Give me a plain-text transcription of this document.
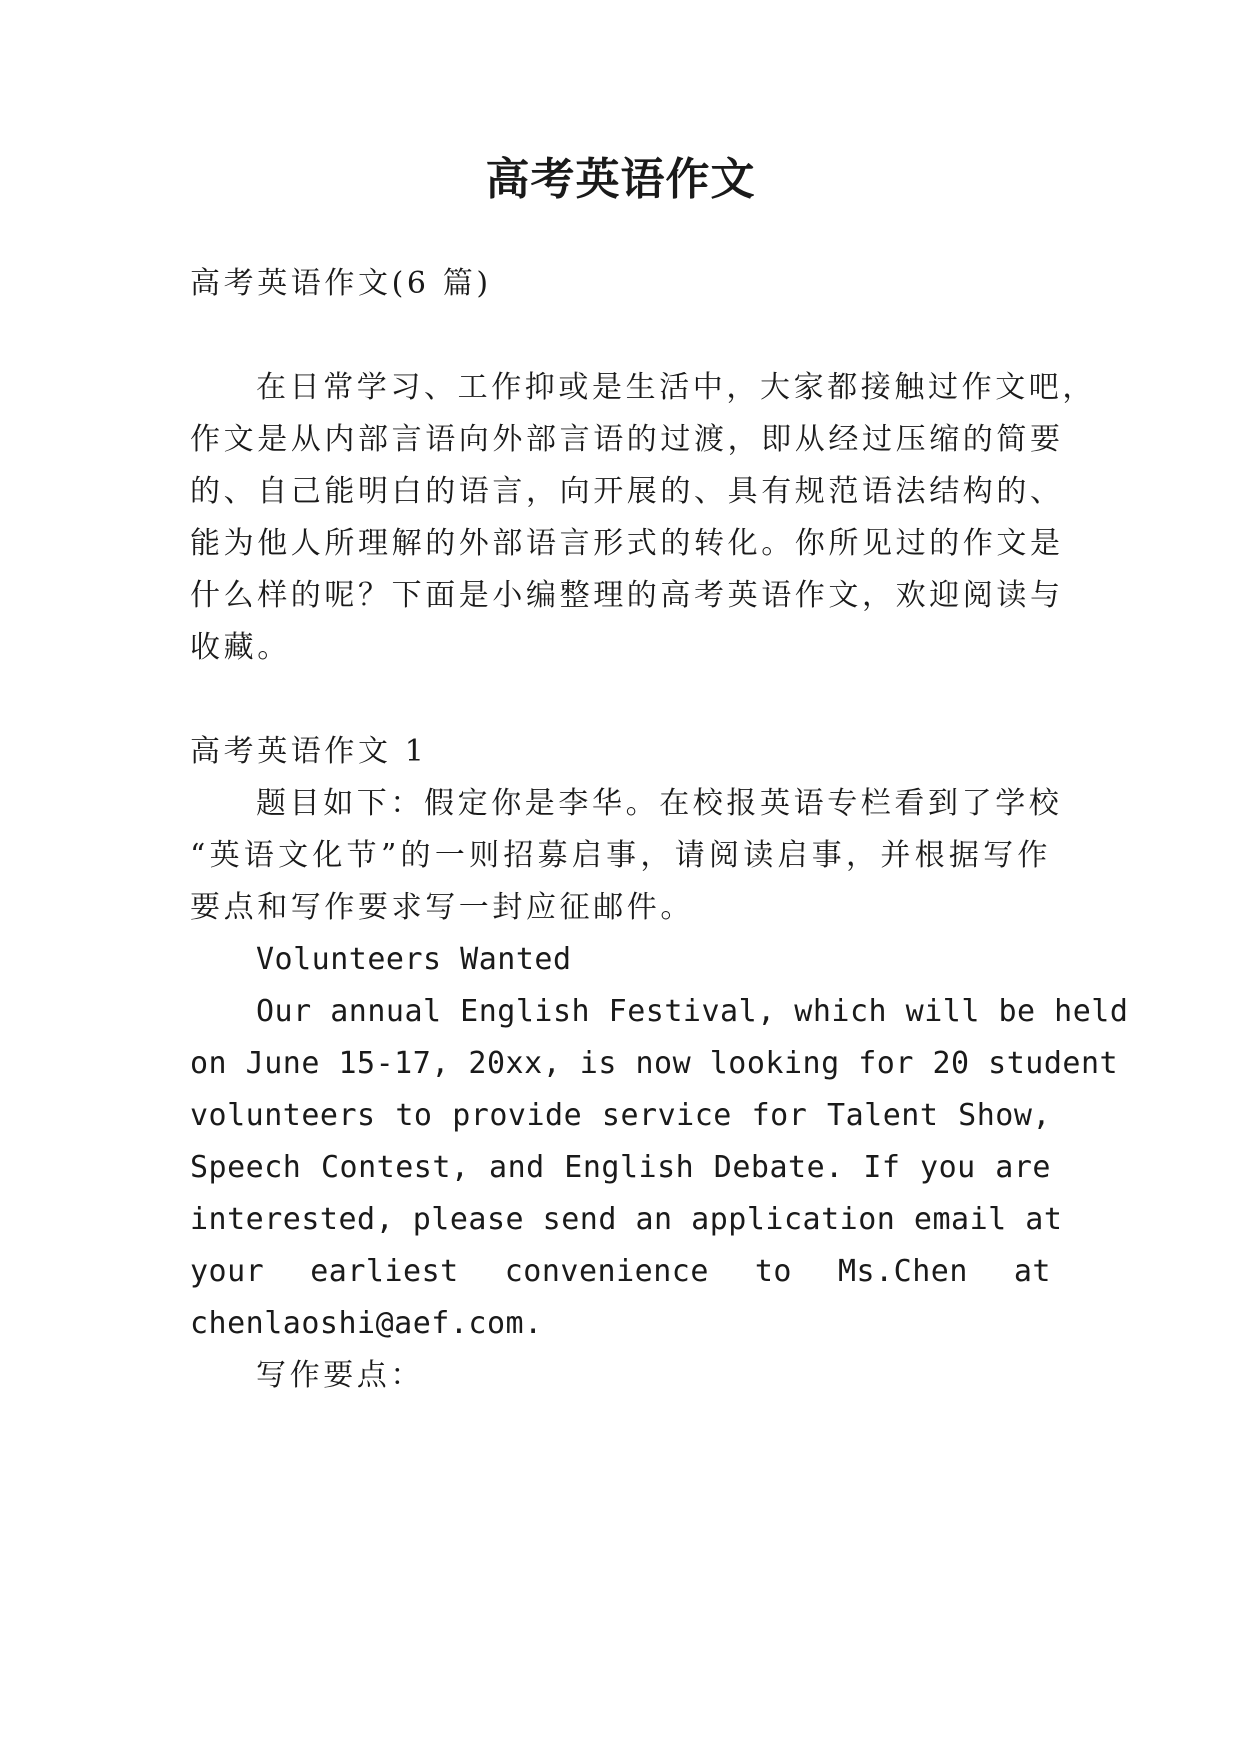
高考英语作文
高考英语作文(6 篇)
在日常学习、工作抑或是生活中，大家都接触过作文吧，
作文是从内部言语向外部言语的过渡，即从经过压缩的简要
的、自己能明白的语言，向开展的、具有规范语法结构的、
能为他人所理解的外部语言形式的转化。你所见过的作文是
什么样的呢？下面是小编整理的高考英语作文，欢迎阅读与
收藏。
高考英语作文 1
题目如下：假定你是李华。在校报英语专栏看到了学校
“英语文化节”的一则招募启事，请阅读启事，并根据写作
要点和写作要求写一封应征邮件。
Volunteers Wanted
Our annual English Festival, which will be held
on June 15-17, 20xx, is now looking for 20 student
volunteers to provide service for Talent Show,
Speech Contest, and English Debate. If you are
interested, please send an application email at
your earliest convenience to Ms.Chen at
chenlaoshi@aef.com.
写作要点：
